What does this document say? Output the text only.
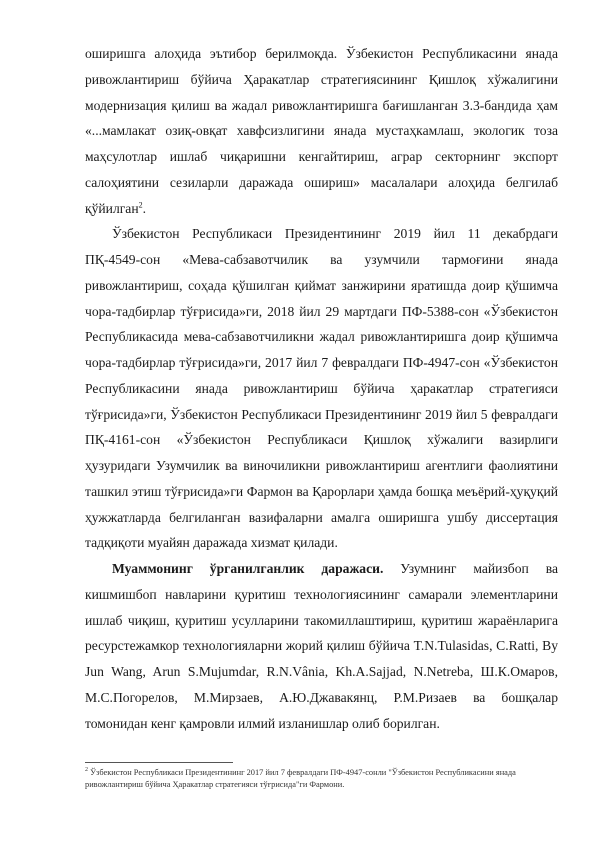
оширишга алоҳида эътибор берилмоқда. Ўзбекистон Республикасини янада ривожлантириш бўйича Ҳаракатлар стратегиясининг Қишлоқ хўжалигини модернизация қилиш ва жадал ривожлантиришга бағишланган 3.3-бандида ҳам «...мамлакат озиқ-овқат хавфсизлигини янада мустаҳкамлаш, экологик тоза маҳсулотлар ишлаб чиқаришни кенгайтириш, аграр секторнинг экспорт салоҳиятини сезиларли даражада ошириш» масалалари алоҳида белгилаб қўйилган$^2$.

Ўзбекистон Республикаси Президентининг 2019 йил 11 декабрдаги ПҚ-4549-сон «Мева-сабзавотчилик ва узумчили тармоғини янада ривожлантириш, соҳада қўшилган қиймат занжирини яратишда доир қўшимча чора-тадбирлар тўғрисида»ги, 2018 йил 29 мартдаги ПФ-5388-сон «Ўзбекистон Республикасида мева-сабзавотчиликни жадал ривожлантиришга доир қўшимча чора-тадбирлар тўғрисида»ги, 2017 йил 7 февралдаги ПФ-4947-сон «Ўзбекистон Республикасини янада ривожлантириш бўйича ҳаракатлар стратегияси тўғрисида»ги, Ўзбекистон Республикаси Президентининг 2019 йил 5 февралдаги ПҚ-4161-сон «Ўзбекистон Республикаси Қишлоқ хўжалиги вазирлиги ҳузуридаги Узумчилик ва виночиликни ривожлантириш агентлиги фаолиятини ташкил этиш тўғрисида»ги Фармон ва Қарорлари ҳамда бошқа меъёрий-ҳуқуқий ҳужжатларда белгиланган вазифаларни амалга оширишга ушбу диссертация тадқиқоти муайян даражада хизмат қилади.

Муаммонинг ўрганилганлик даражаси. Узумнинг майизбоп ва кишмишбоп навларини қуритиш технологиясининг самарали элементларини ишлаб чиқиш, қуритиш усулларини такомиллаштириш, қуритиш жараёнларига ресурстежамкор технологияларни жорий қилиш бўйича T.N.Tulasidas, C.Ratti, By Jun Wang, Arun S.Mujumdar, R.N.Vânia, Kh.A.Sajjad, N.Netreba, Ш.К.Омаров, М.С.Погорелов, М.Мирзаев, А.Ю.Джавакянц, Р.М.Ризаев ва бошқалар томонидан кенг қамровли илмий изланишлар олиб борилган.

$^2$ Ўзбекистон Республикаси Президентининг 2017 йил 7 февралдаги ПФ-4947-сонли "Ўзбекистон Республикасини янада ривожлантириш бўйича Ҳаракатлар стратегияси тўғрисида"ги Фармони.
